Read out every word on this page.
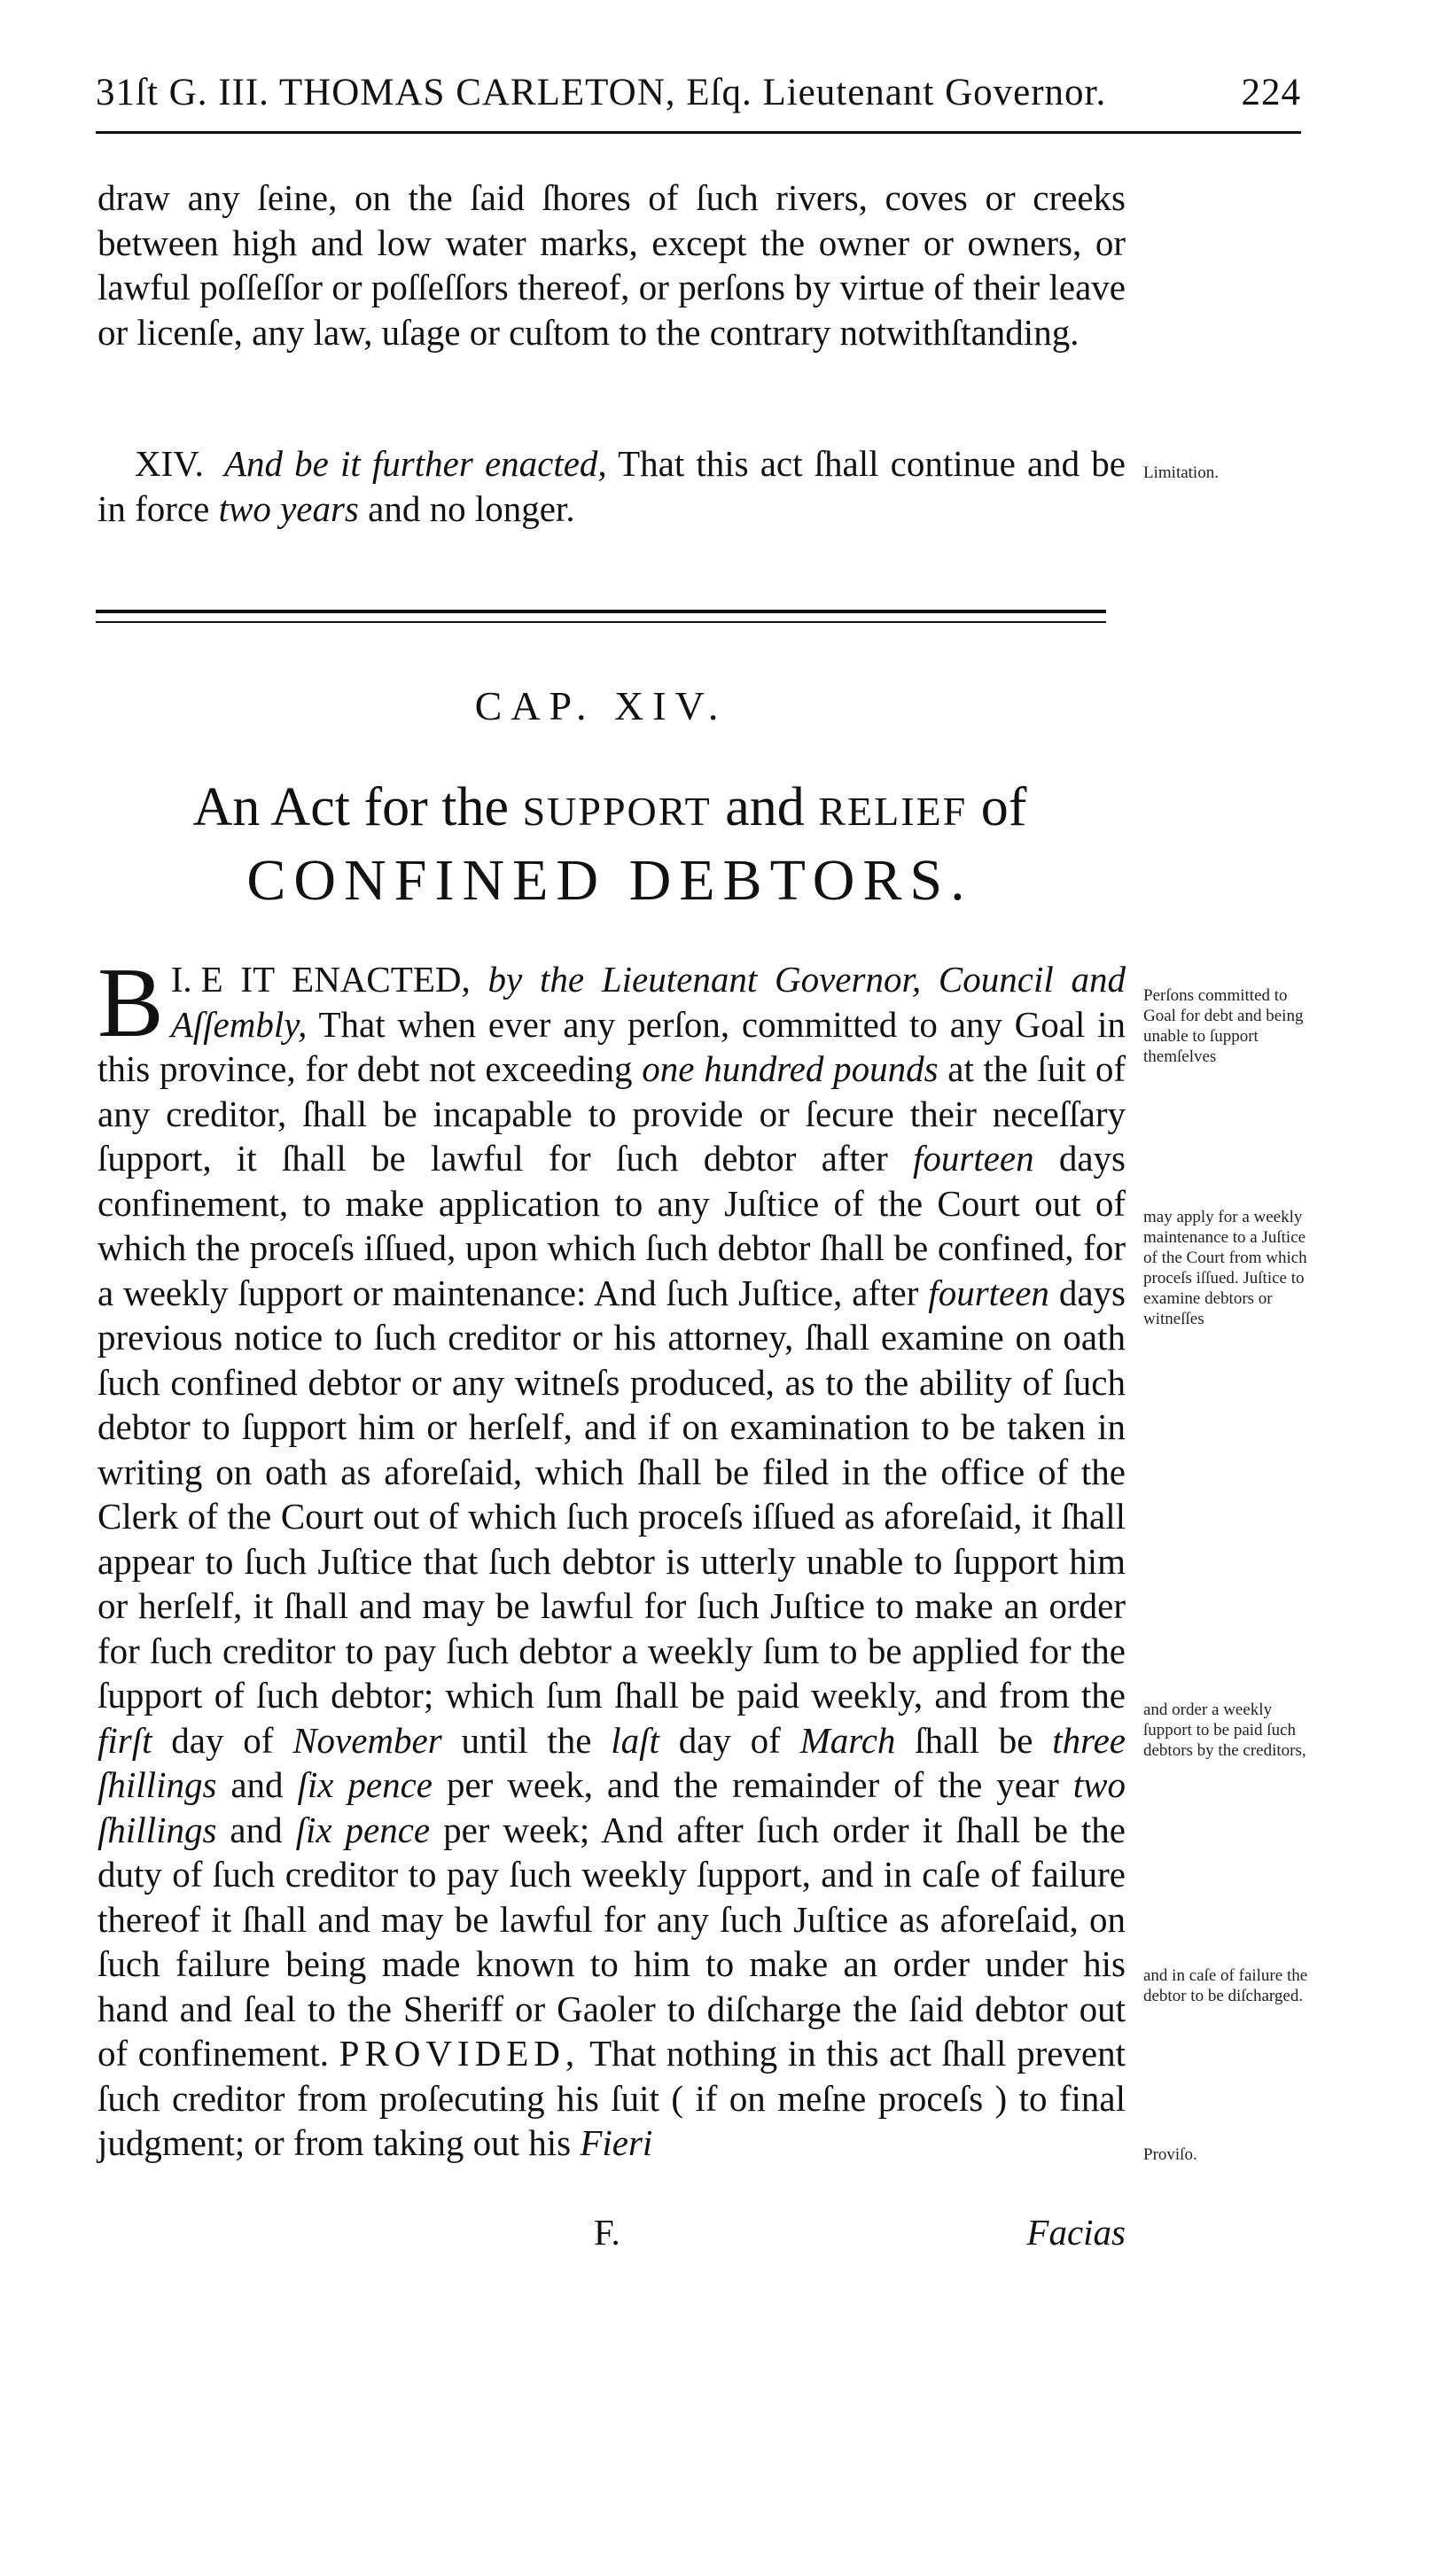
31ſt G. III. THOMAS CARLETON, Eſq. Lieutenant Governor.	224

draw any ſeine, on the ſaid ſhores of ſuch rivers, coves or creeks between high and low water marks, except the owner or owners, or lawful poſſeſſor or poſſeſſors thereof, or perſons by virtue of their leave or licenſe, any law, uſage or cuſtom to the contrary notwithſtanding.

XIV. And be it further enacted, That this act ſhall continue and be in force two years and no longer.

Limitation.
CAP. XIV.
An Act for the SUPPORT and RELIEF of
CONFINED DEBTORS.

I.
B E IT ENACTED, by the Lieutenant Governor, Council and Aſſembly, That when ever any perſon, committed to any Goal in this province, for debt not exceeding one hundred pounds at the ſuit of any creditor, ſhall be incapable to provide or ſecure their neceſſary ſupport, it ſhall be lawful for ſuch debtor after fourteen days confinement, to make application to any Juſtice of the Court out of which the proceſs iſſued, upon which ſuch debtor ſhall be confined, for a weekly ſupport or maintenance: And ſuch Juſtice, after fourteen days previous notice to ſuch creditor or his attorney, ſhall examine on oath ſuch confined debtor or any witneſs produced, as to the ability of ſuch debtor to ſupport him or herſelf, and if on examination to be taken in writing on oath as aforeſaid, which ſhall be filed in the office of the Clerk of the Court out of which ſuch proceſs iſſued as aforeſaid, it ſhall appear to ſuch Juſtice that ſuch debtor is utterly unable to ſupport him or herſelf, it ſhall and may be lawful for ſuch Juſtice to make an order for ſuch creditor to pay ſuch debtor a weekly ſum to be applied for the ſupport of ſuch debtor; which ſum ſhall be paid weekly, and from the firſt day of November until the laſt day of March ſhall be three ſhillings and ſix pence per week, and the remainder of the year two ſhillings and ſix pence per week; And after ſuch order it ſhall be the duty of ſuch creditor to pay ſuch weekly ſupport, and in caſe of failure thereof it ſhall and may be lawful for any ſuch Juſtice as aforeſaid, on ſuch failure being made known to him to make an order under his hand and ſeal to the Sheriff or Gaoler to diſcharge the ſaid debtor out of confinement. PROVIDED, That nothing in this act ſhall prevent ſuch creditor from proſecuting his ſuit ( if on meſne proceſs ) to final judgment; or from taking out his Fieri

Perſons committed to Goal for debt and being unable to ſupport themſelves
may apply for a weekly maintenance to a Juſtice of the Court from which proceſs iſſued. Juſtice to examine debtors or witneſſes
and order a weekly ſupport to be paid ſuch debtors by the creditors,
and in caſe of failure the debtor to be diſcharged.
Proviſo.
F.	Facias
